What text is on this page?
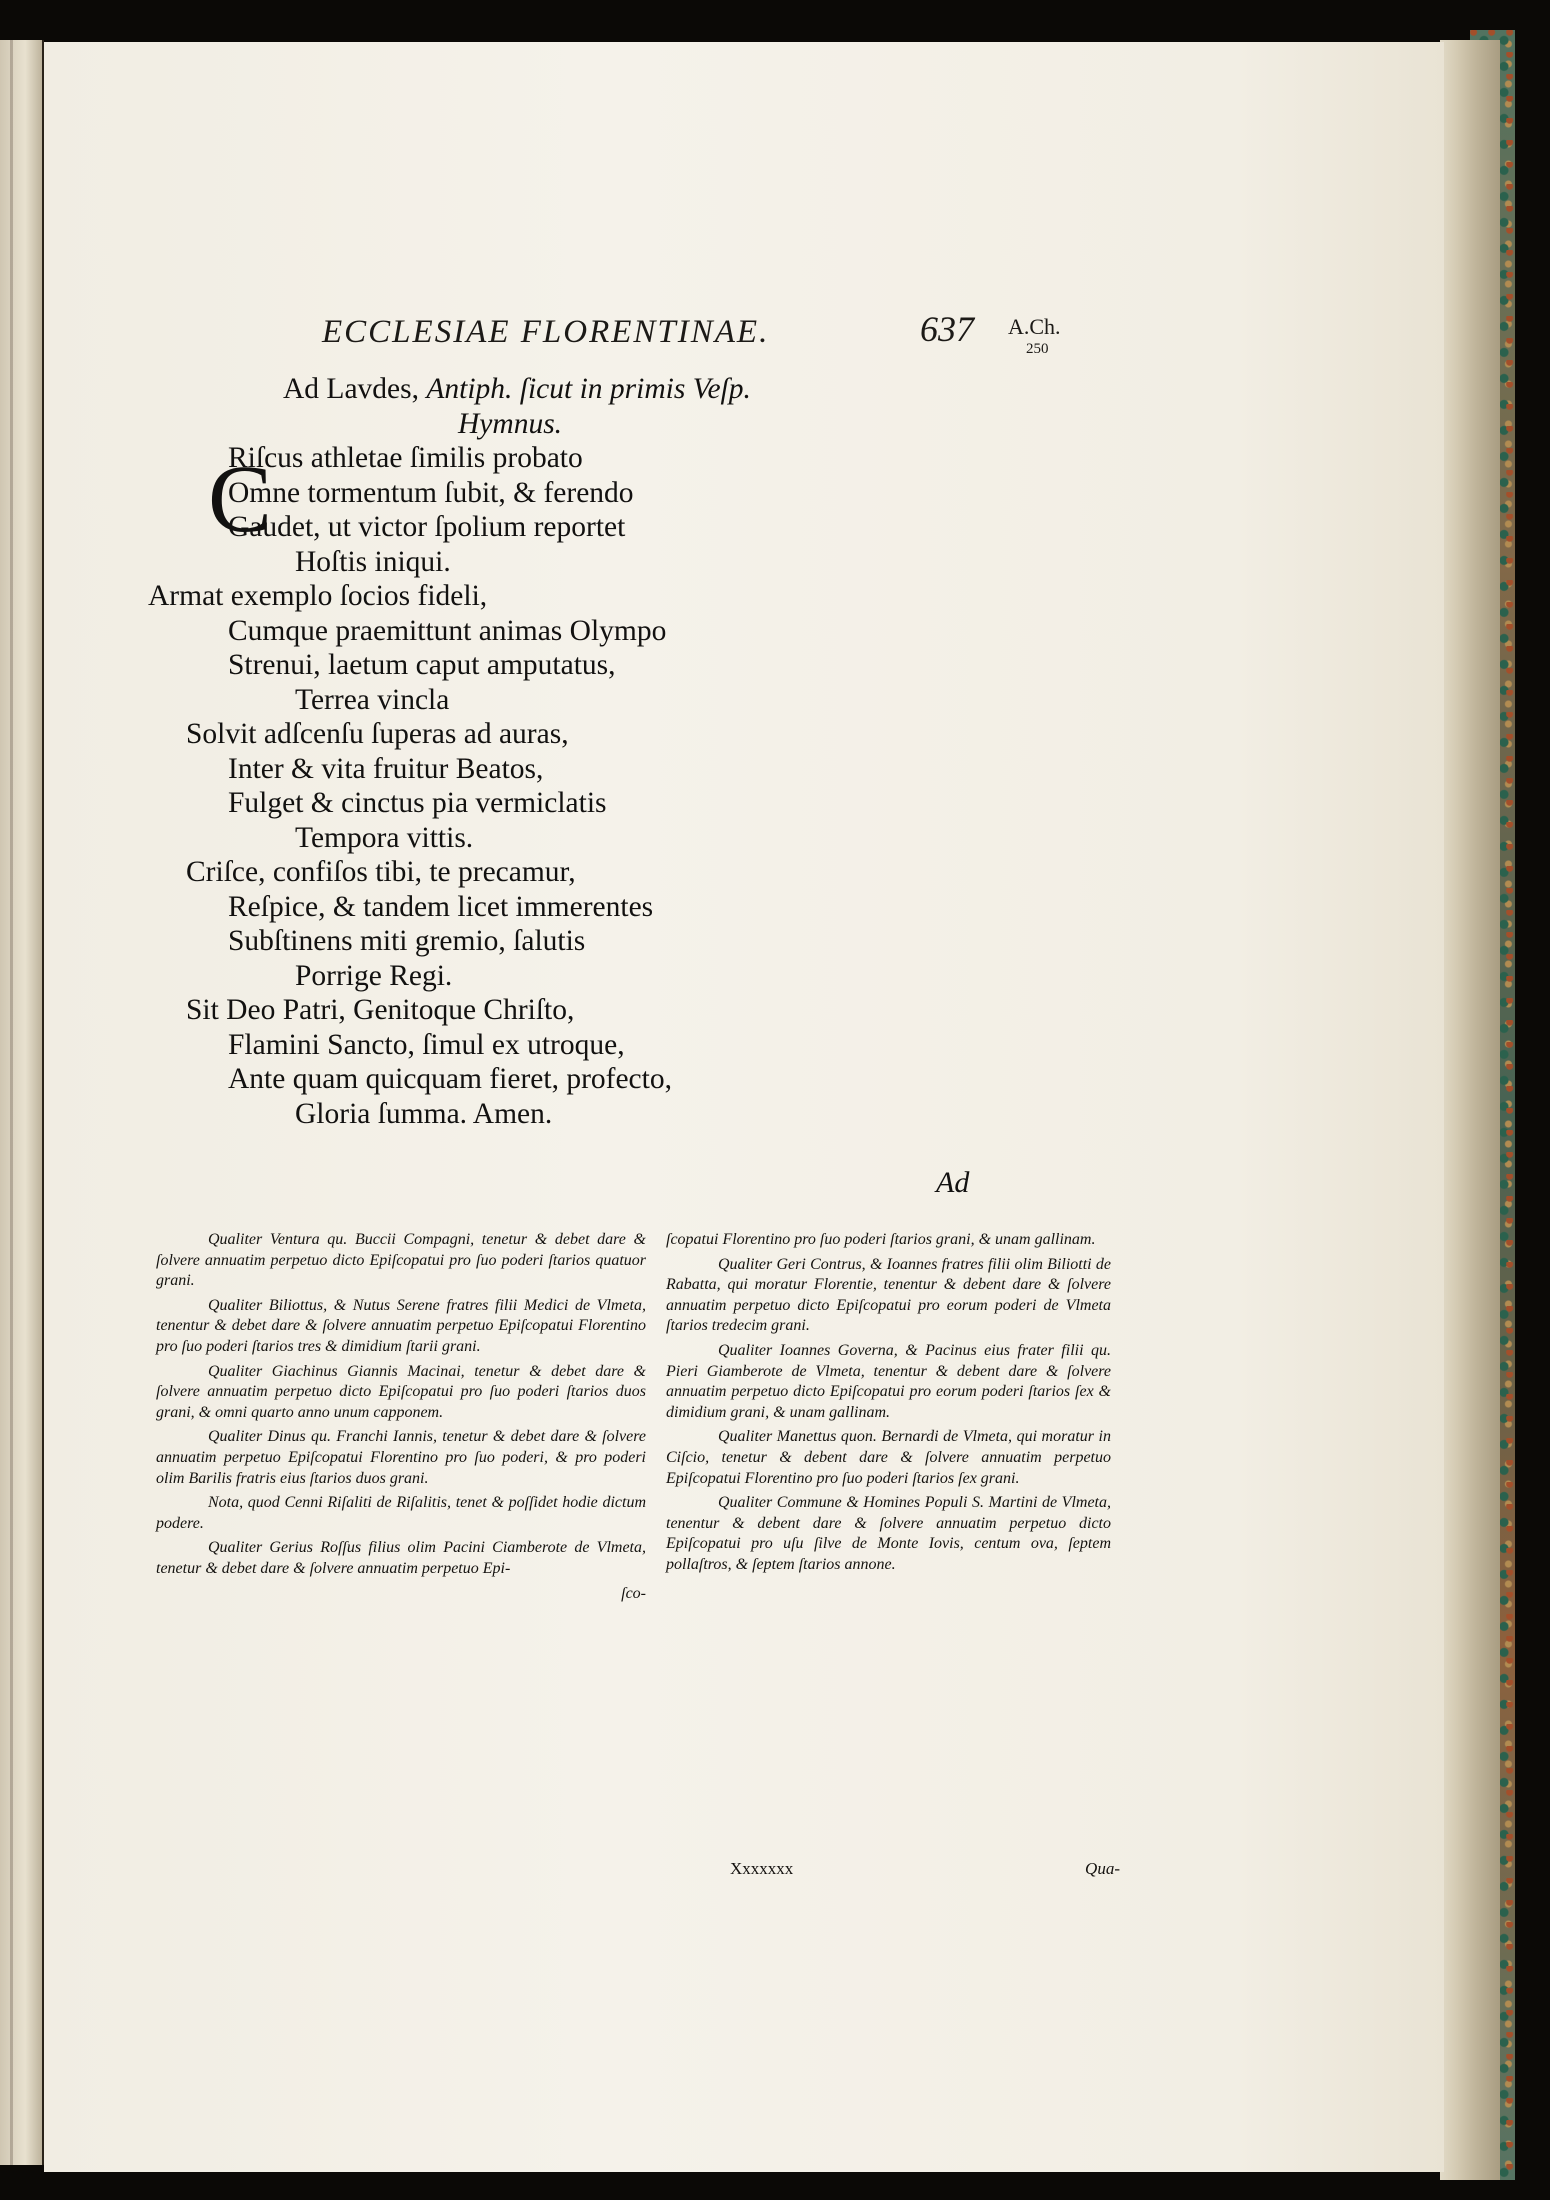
ECCLESIAE FLORENTINAE.	637 A.Ch.
250
Ad Lavdes, Antiph. ſicut in primis Veſp.
Hymnus.
C
Riſcus athletae ſimilis probato
Omne tormentum ſubit, & ferendo
Gaudet, ut victor ſpolium reportet
Hoſtis iniqui.
Armat exemplo ſocios fideli,
Cumque praemittunt animas Olympo
Strenui, laetum caput amputatus,
Terrea vincla
Solvit adſcenſu ſuperas ad auras,
Inter & vita fruitur Beatos,
Fulget & cinctus pia vermiclatis
Tempora vittis.
Criſce, confiſos tibi, te precamur,
Reſpice, & tandem licet immerentes
Subſtinens miti gremio, ſalutis
Porrige Regi.
Sit Deo Patri, Genitoque Chriſto,
Flamini Sancto, ſimul ex utroque,
Ante quam quicquam fieret, profecto,
Gloria ſumma. Amen.
Ad

Qualiter Ventura qu. Buccii Compagni, tenetur & debet dare & ſolvere annuatim perpetuo dicto Epiſcopatui pro ſuo poderi ſtarios quatuor grani.

Qualiter Biliottus, & Nutus Serene fratres filii Medici de Vlmeta, tenentur & debet dare & ſolvere annuatim perpetuo Epiſcopatui Florentino pro ſuo poderi ſtarios tres & dimidium ſtarii grani.

Qualiter Giachinus Giannis Macinai, tenetur & debet dare & ſolvere annuatim perpetuo dicto Epiſcopatui pro ſuo poderi ſtarios duos grani, & omni quarto anno unum capponem.

Qualiter Dinus qu. Franchi Iannis, tenetur & debet dare & ſolvere annuatim perpetuo Epiſcopatui Florentino pro ſuo poderi, & pro poderi olim Barilis fratris eius ſtarios duos grani.

Nota, quod Cenni Riſaliti de Riſalitis, tenet & poſſidet hodie dictum podere.

Qualiter Gerius Roſſus filius olim Pacini Ciamberote de Vlmeta, tenetur & debet dare & ſolvere annuatim perpetuo Epi-

ſco-

ſcopatui Florentino pro ſuo poderi ſtarios grani, & unam gallinam.

Qualiter Geri Contrus, & Ioannes fratres filii olim Biliotti de Rabatta, qui moratur Florentie, tenentur & debent dare & ſolvere annuatim perpetuo dicto Epiſcopatui pro eorum poderi de Vlmeta ſtarios tredecim grani.

Qualiter Ioannes Governa, & Pacinus eius frater filii qu. Pieri Giamberote de Vlmeta, tenentur & debent dare & ſolvere annuatim perpetuo dicto Epiſcopatui pro eorum poderi ſtarios ſex & dimidium grani, & unam gallinam.

Qualiter Manettus quon. Bernardi de Vlmeta, qui moratur in Ciſcio, tenetur & debent dare & ſolvere annuatim perpetuo Epiſcopatui Florentino pro ſuo poderi ſtarios ſex grani.

Qualiter Commune & Homines Populi S. Martini de Vlmeta, tenentur & debent dare & ſolvere annuatim perpetuo dicto Epiſcopatui pro uſu ſilve de Monte Iovis, centum ova, ſeptem pollaſtros, & ſeptem ſtarios annone.

Xxxxxxx	Qua-
